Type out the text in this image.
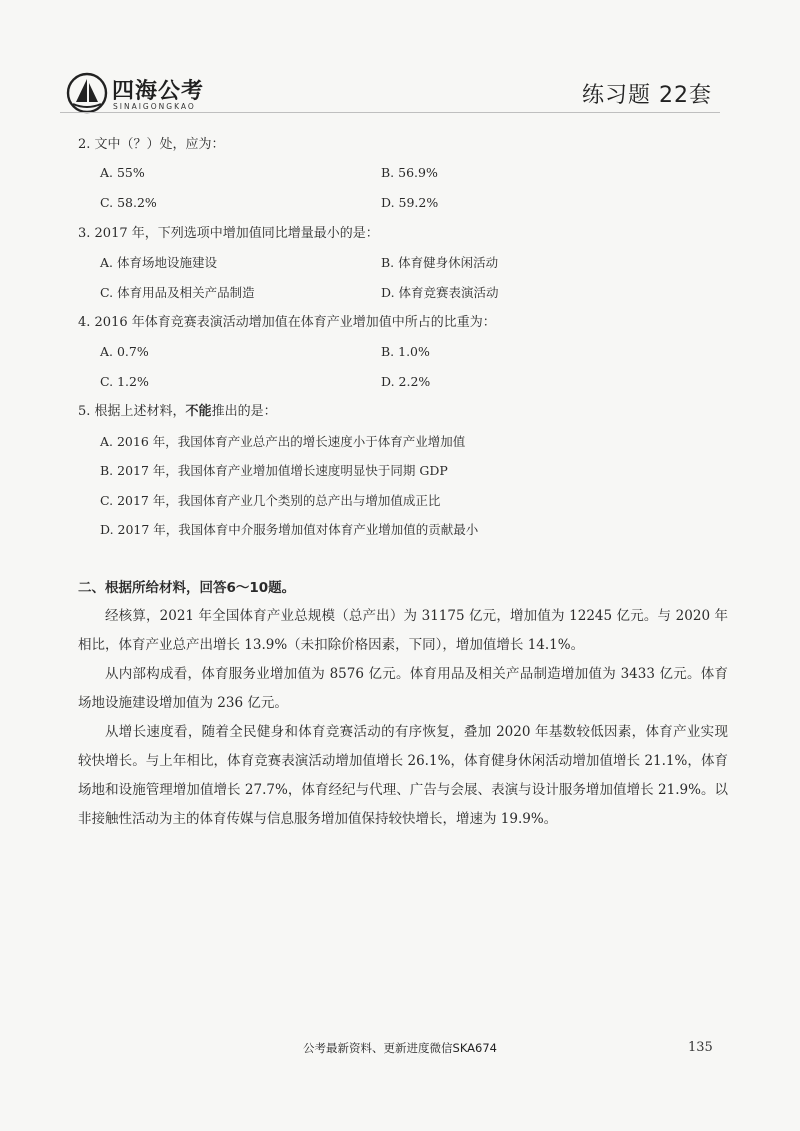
四海公考
SINAIGONGKAO	练习题 22套
2. 文中（？）处，应为：
A. 55%	B. 56.9%
C. 58.2%	D. 59.2%
3. 2017 年，下列选项中增加值同比增量最小的是：
A. 体育场地设施建设	B. 体育健身休闲活动
C. 体育用品及相关产品制造	D. 体育竞赛表演活动
4. 2016 年体育竞赛表演活动增加值在体育产业增加值中所占的比重为：
A. 0.7%	B. 1.0%
C. 1.2%	D. 2.2%
5. 根据上述材料，不能推出的是：
A. 2016 年，我国体育产业总产出的增长速度小于体育产业增加值
B. 2017 年，我国体育产业增加值增长速度明显快于同期 GDP
C. 2017 年，我国体育产业几个类别的总产出与增加值成正比
D. 2017 年，我国体育中介服务增加值对体育产业增加值的贡献最小
二、根据所给材料，回答6～10题。
经核算，2021 年全国体育产业总规模（总产出）为 31175 亿元，增加值为 12245 亿元。与 2020 年相比，体育产业总产出增长 13.9%（未扣除价格因素，下同），增加值增长 14.1%。
从内部构成看，体育服务业增加值为 8576 亿元。体育用品及相关产品制造增加值为 3433 亿元。体育场地设施建设增加值为 236 亿元。
从增长速度看，随着全民健身和体育竞赛活动的有序恢复，叠加 2020 年基数较低因素，体育产业实现较快增长。与上年相比，体育竞赛表演活动增加值增长 26.1%，体育健身休闲活动增加值增长 21.1%，体育场地和设施管理增加值增长 27.7%，体育经纪与代理、广告与会展、表演与设计服务增加值增长 21.9%。以非接触性活动为主的体育传媒与信息服务增加值保持较快增长，增速为 19.9%。
公考最新资料、更新进度微信SKA674	135
